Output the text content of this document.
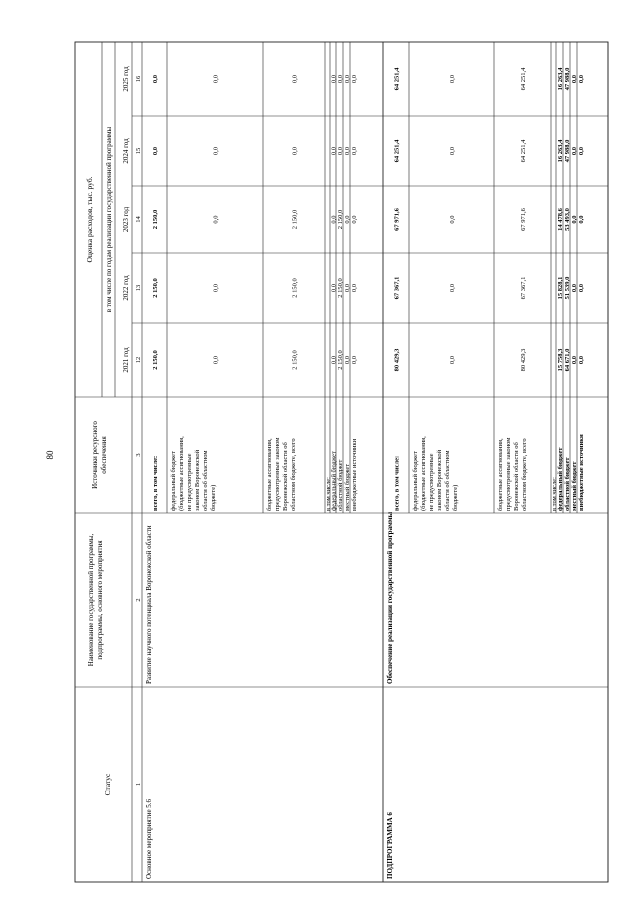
80
Статус
Наименование государственной программы,подпрограммы, основного мероприятия
Источники ресурсногообеспечения
Оценка расходов, тыс. руб. в том числе по годам реализации государственной программы
2021 год
2022 год
2023 год
2024 год
2025 год
1
2
3
12
13
14
15
16
Основное мероприятие 5.6
Развитие научного потенциала Воронежской области
всего, в том числе:
2 150,0
2 150,0
2 150,0
0,0
0,0
федеральный бюджет(бюджетные ассигнования,не предусмотренныезаконом Воронежскойобласти об областномбюджете)
0,0
0,0
0,0
0,0
0,0
бюджетные ассигнования,предусмотренные закономВоронежской области обобластном бюджете, всего
2 150,0
2 150,0
2 150,0
0,0
0,0
в том числе:
федеральный бюджет
0,0
0,0
0,0
0,0
0,0
областной бюджет
2 150,0
2 150,0
2 150,0
0,0
0,0
местный бюджет
0,0
0,0
0,0
0,0
0,0
внебюджетные источники
0,0
0,0
0,0
0,0
0,0
ПОДПРОГРАММА 6
Обеспечение реализации государственной программы
всего, в том числе:
80 429,3
67 367,1
67 971,6
64 251,4
64 251,4
федеральный бюджет(бюджетные ассигнования,не предусмотренныезаконом Воронежскойобласти об областномбюджете)
0,0
0,0
0,0
0,0
0,0
бюджетные ассигнования,предусмотренные закономВоронежской области обобластном бюджете, всего
80 429,3
67 367,1
67 971,6
64 251,4
64 251,4
в том числе: федеральный бюджет
15 758,3
15 828,1
14 478,6
16 263,4
16 263,4
областной бюджет
64 671,0
51 539,0
53 493,0
47 988,0
47 988,0
местный бюджет
0,0
0,0
0,0
0,0
0,0
внебюджетные источники
0,0
0,0
0,0
0,0
0,0
